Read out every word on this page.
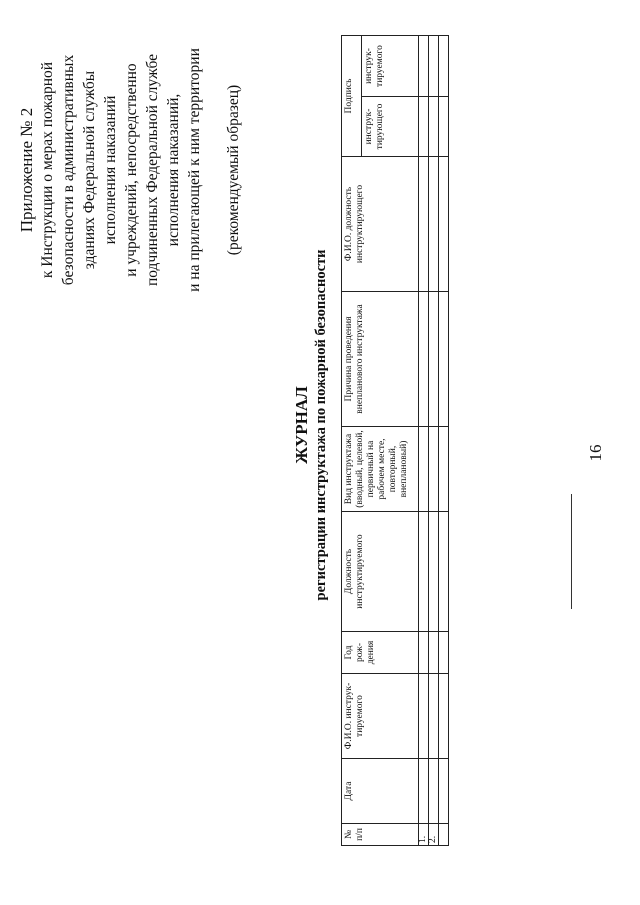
16
Приложение № 2 к Инструкции о мерах пожарной безопасности в административных зданиях Федеральной службы исполнения наказаний и учреждений, непосредственно подчиненных Федеральной службе исполнения наказаний, и на прилегающей к ним территории (рекомендуемый образец)
ЖУРНАЛ регистрации инструктажа по пожарной безопасности
№ п/п	Дата	Ф.И.О. инструк-тируемого	Год рож-дения	Должность инструктируемого	Вид инструктажа (вводный, целевой, первичный на рабочем месте, повторный, внеплановый)	Причина проведения внепланового инструктажа	Ф.И.О. должность инструктирующего	Подпись	
								инструк-тирующего	инструк-тируемого
1.									
2.									
